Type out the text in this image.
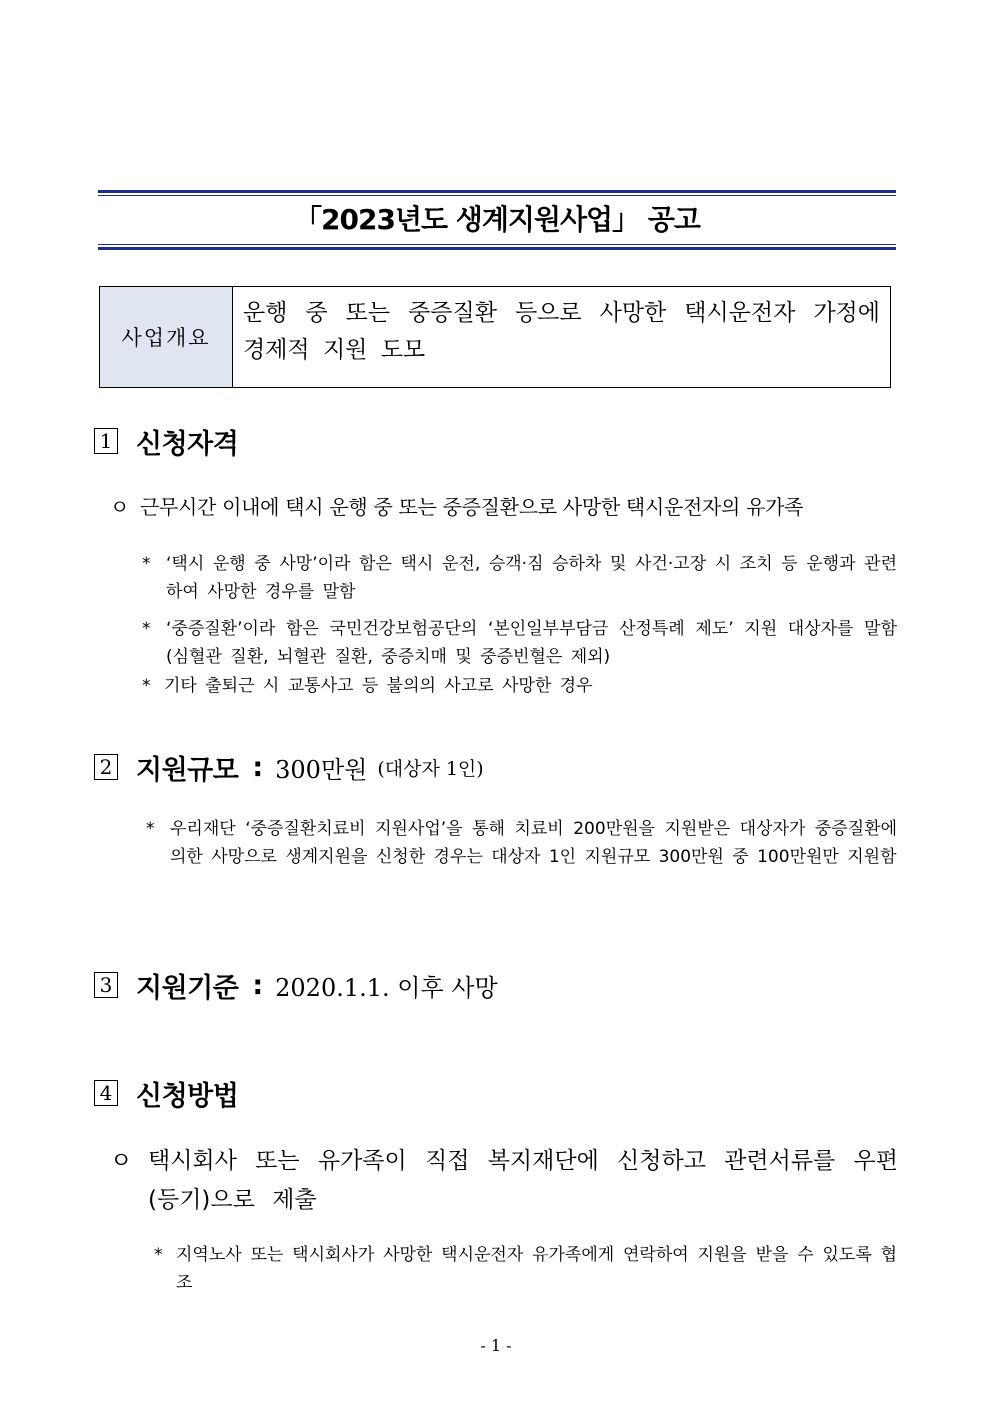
「2023년도 생계지원사업」 공고
사업개요
운행 중 또는 중증질환 등으로 사망한 택시운전자 가정에 경제적 지원 도모
1 신청자격
ㅇ 근무시간 이내에 택시 운행 중 또는 중증질환으로 사망한 택시운전자의 유가족
* ‘택시 운행 중 사망’이라 함은 택시 운전, 승객·짐 승하차 및 사건·고장 시 조치 등 운행과 관련하여 사망한 경우를 말함
* ‘중증질환’이라 함은 국민건강보험공단의 ‘본인일부부담금 산정특례 제도’ 지원 대상자를 말함 (심혈관 질환, 뇌혈관 질환, 중증치매 및 중증빈혈은 제외)
* 기타 출퇴근 시 교통사고 등 불의의 사고로 사망한 경우
2 지원규모 : 300만원 (대상자 1인)
* 우리재단 ‘중증질환치료비 지원사업’을 통해 치료비 200만원을 지원받은 대상자가 중증질환에 의한 사망으로 생계지원을 신청한 경우는 대상자 1인 지원규모 300만원 중 100만원만 지원함
3 지원기준 : 2020.1.1. 이후 사망
4 신청방법
ㅇ 택시회사 또는 유가족이 직접 복지재단에 신청하고 관련서류를 우편(등기)으로 제출
* 지역노사 또는 택시회사가 사망한 택시운전자 유가족에게 연락하여 지원을 받을 수 있도록 협조
- 1 -
